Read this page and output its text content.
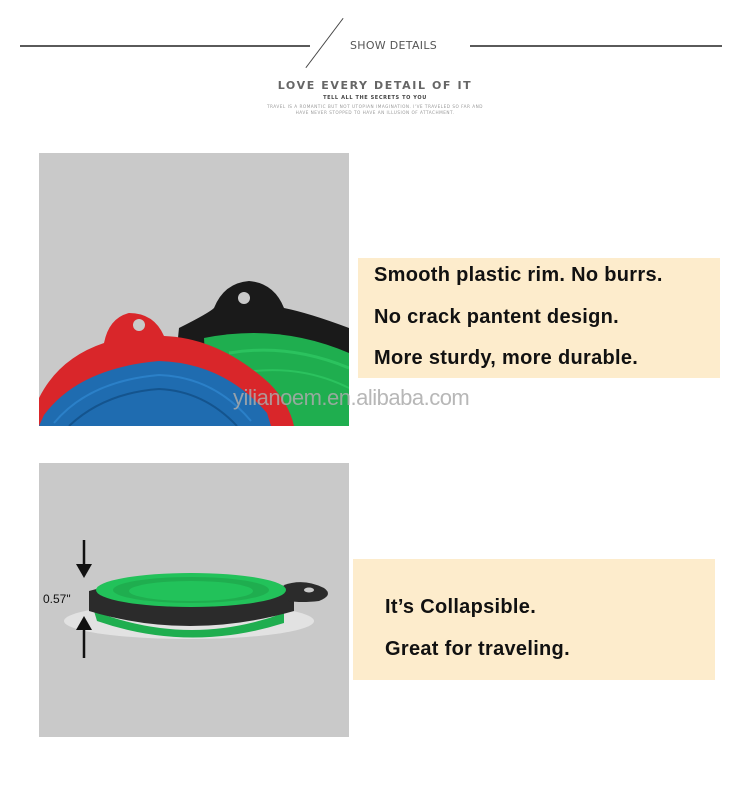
SHOW DETAILS
LOVE EVERY DETAIL OF IT
TELL ALL THE SECRETS TO YOU
TRAVEL IS A ROMANTIC BUT NOT UTOPIAN IMAGINATION. I'VE TRAVELED SO FAR AND
HAVE NEVER STOPPED TO HAVE AN ILLUSION OF ATTACHMENT.
Smooth plastic rim. No burrs.
No crack pantent design.
More sturdy, more durable.
yilianoem.en.alibaba.com
0.57"	It’s Collapsible.
Great for traveling.
